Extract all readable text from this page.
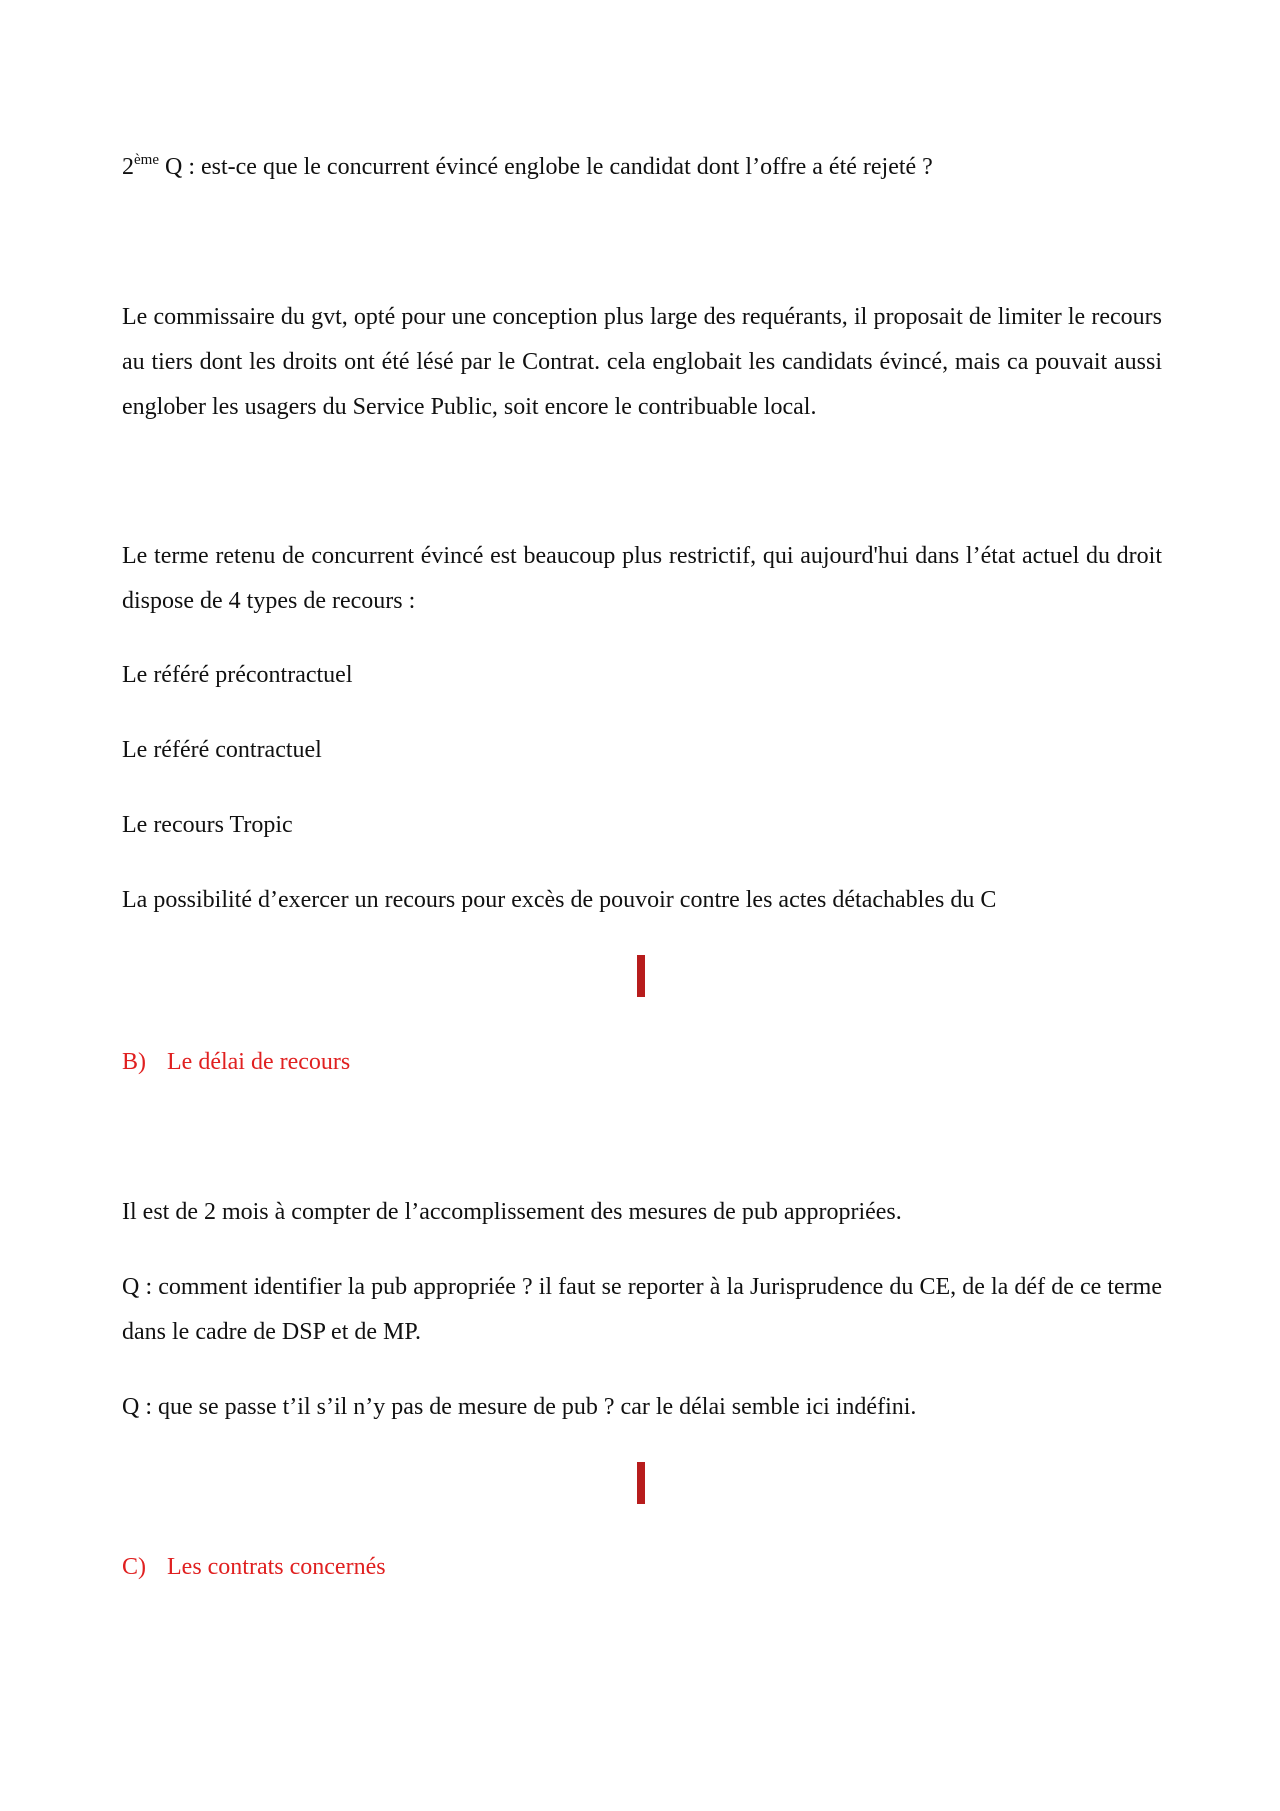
2ème Q : est-ce que le concurrent évincé englobe le candidat dont l’offre a été rejeté ?

Le commissaire du gvt, opté pour une conception plus large des requérants, il proposait de limiter le recours au tiers dont les droits ont été lésé par le Contrat. cela englobait les candidats évincé, mais ca pouvait aussi englober les usagers du Service Public, soit encore le contribuable local.

Le terme retenu de concurrent évincé est beaucoup plus restrictif, qui aujourd'hui dans l’état actuel du droit dispose de 4 types de recours :

Le référé précontractuel

Le référé contractuel

Le recours Tropic

La possibilité d’exercer un recours pour excès de pouvoir contre les actes détachables du C

B) Le délai de recours

Il est de 2 mois à compter de l’accomplissement des mesures de pub appropriées.

Q : comment identifier la pub appropriée ? il faut se reporter à la Jurisprudence du CE, de la déf de ce terme dans le cadre de DSP et de MP.

Q : que se passe t’il s’il n’y pas de mesure de pub ? car le délai semble ici indéfini.

C) Les contrats concernés
